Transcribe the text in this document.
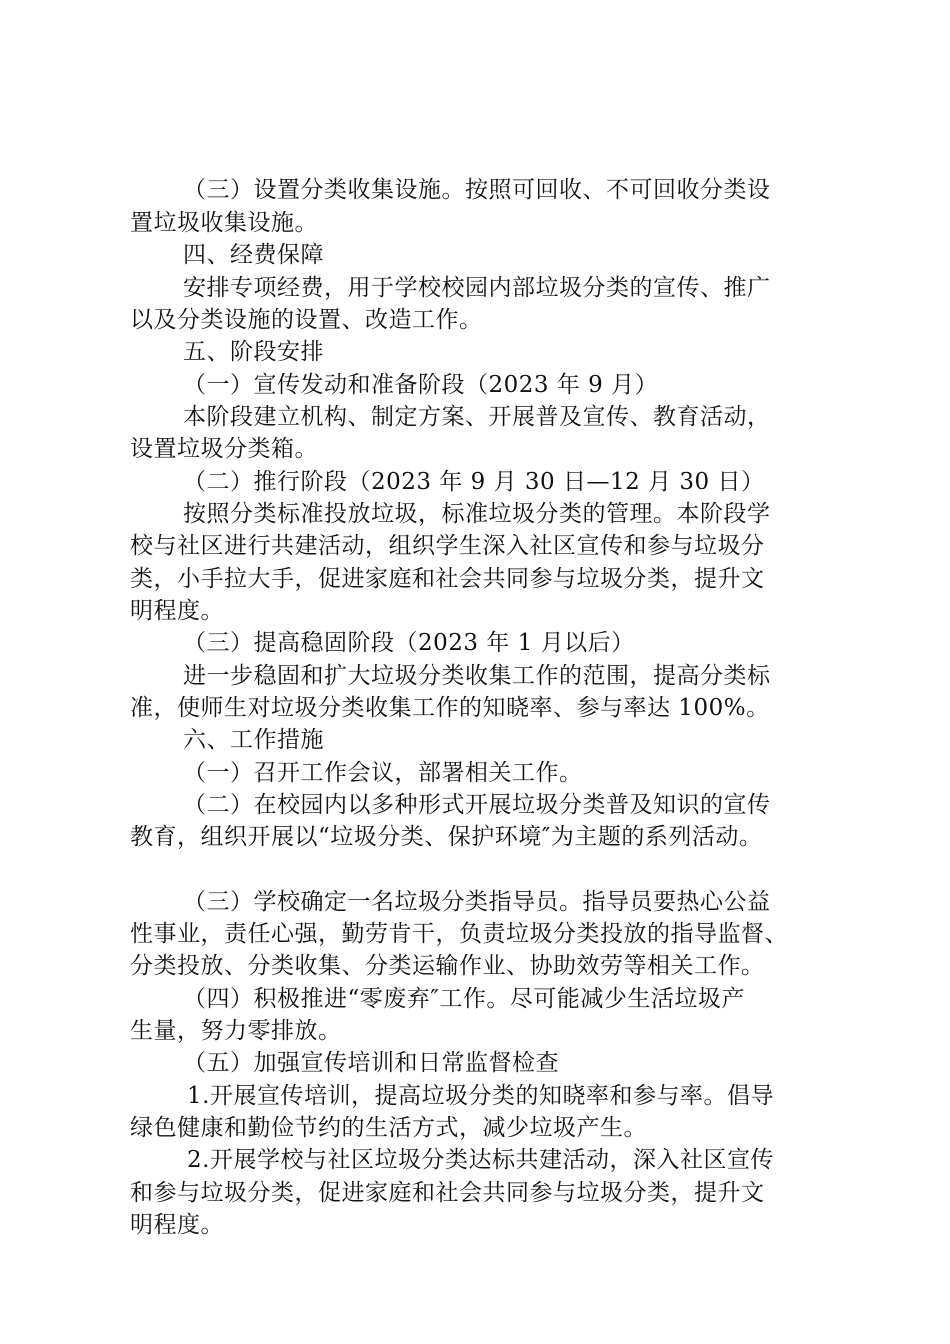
（三）设置分类收集设施。按照可回收、不可回收分类设
置垃圾收集设施。
四、经费保障
安排专项经费，用于学校校园内部垃圾分类的宣传、推广
以及分类设施的设置、改造工作。
五、阶段安排
（一）宣传发动和准备阶段（2023 年 9 月）
本阶段建立机构、制定方案、开展普及宣传、教育活动，
设置垃圾分类箱。
（二）推行阶段（2023 年 9 月 30 日—12 月 30 日）
按照分类标准投放垃圾，标准垃圾分类的管理。本阶段学
校与社区进行共建活动，组织学生深入社区宣传和参与垃圾分
类，小手拉大手，促进家庭和社会共同参与垃圾分类，提升文
明程度。
（三）提高稳固阶段（2023 年 1 月以后）
进一步稳固和扩大垃圾分类收集工作的范围，提高分类标
准，使师生对垃圾分类收集工作的知晓率、参与率达 100%。
六、工作措施
（一）召开工作会议，部署相关工作。
（二）在校园内以多种形式开展垃圾分类普及知识的宣传
教育，组织开展以“垃圾分类、保护环境″为主题的系列活动。
（三）学校确定一名垃圾分类指导员。指导员要热心公益
性事业，责任心强，勤劳肯干，负责垃圾分类投放的指导监督、
分类投放、分类收集、分类运输作业、协助效劳等相关工作。
（四）积极推进“零废弃″工作。尽可能减少生活垃圾产
生量，努力零排放。
（五）加强宣传培训和日常监督检查
1.开展宣传培训，提高垃圾分类的知晓率和参与率。倡导
绿色健康和勤俭节约的生活方式，减少垃圾产生。
2.开展学校与社区垃圾分类达标共建活动，深入社区宣传
和参与垃圾分类，促进家庭和社会共同参与垃圾分类，提升文
明程度。
